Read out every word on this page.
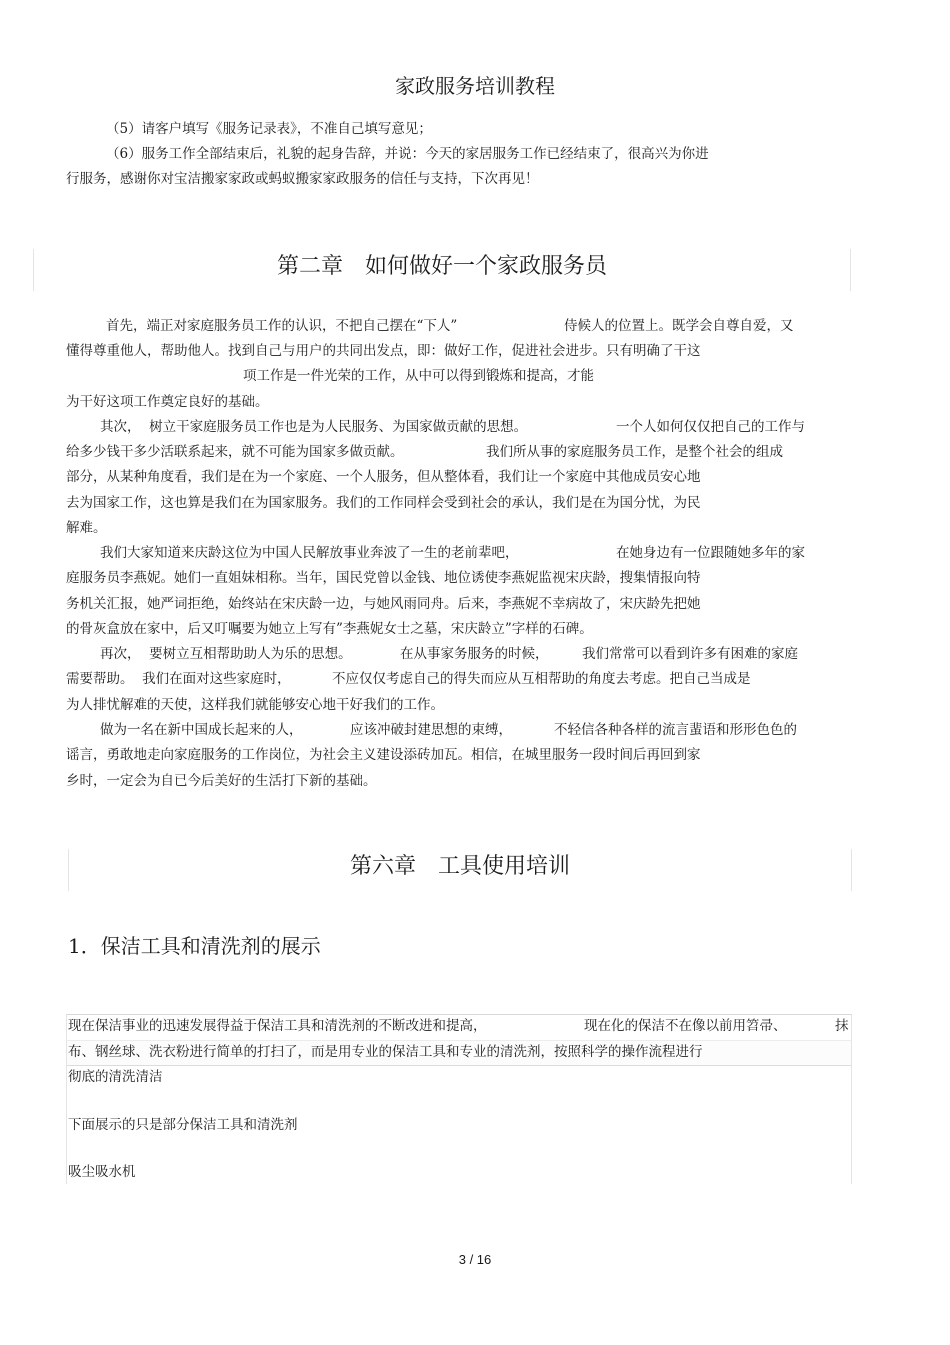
家政服务培训教程
（5）请客户填写《服务记录表》，不准自己填写意见；
（6）服务工作全部结束后，礼貌的起身告辞，并说：今天的家居服务工作已经结束了，很高兴为你进
行服务，感谢你对宝洁搬家家政或蚂蚁搬家家政服务的信任与支持，下次再见！
第二章　如何做好一个家政服务员
首先，端正对家庭服务员工作的认识，不把自己摆在“下人”	侍候人的位置上。既学会自尊自爱，又
懂得尊重他人，帮助他人。找到自己与用户的共同出发点，即：做好工作，促进社会进步。只有明确了干这
项工作是一件光荣的工作，从中可以得到锻炼和提高，才能
为干好这项工作奠定良好的基础。
其次，  树立干家庭服务员工作也是为人民服务、为国家做贡献的思想。	一个人如何仅仅把自己的工作与
给多少钱干多少活联系起来，就不可能为国家多做贡献。	我们所从事的家庭服务员工作，是整个社会的组成
部分，从某种角度看，我们是在为一个家庭、一个人服务，但从整体看，我们让一个家庭中其他成员安心地
去为国家工作，这也算是我们在为国家服务。我们的工作同样会受到社会的承认，我们是在为国分忧，为民
解难。
我们大家知道来庆龄这位为中国人民解放事业奔波了一生的老前辈吧，	在她身边有一位跟随她多年的家
庭服务员李燕妮。她们一直姐妹相称。当年，国民党曾以金钱、地位诱使李燕妮监视宋庆龄，搜集情报向特
务机关汇报，她严词拒绝，始终站在宋庆龄一边，与她风雨同舟。后来，李燕妮不幸病故了，宋庆龄先把她
的骨灰盒放在家中，后又叮嘱要为她立上写有”李燕妮女士之墓，宋庆龄立”字样的石碑。
再次，  要树立互相帮助助人为乐的思想。	在从事家务服务的时候， 我们常常可以看到许多有困难的家庭
需要帮助。  我们在面对这些家庭时，	不应仅仅考虑自己的得失而应从互相帮助的角度去考虑。把自己当成是
为人排忧解难的天使，这样我们就能够安心地干好我们的工作。
做为一名在新中国成长起来的人，	应该冲破封建思想的束缚，	不轻信各种各样的流言蜚语和形形色色的
谣言，勇敢地走向家庭服务的工作岗位，为社会主义建设添砖加瓦。相信，在城里服务一段时间后再回到家
乡时，一定会为自已今后美好的生活打下新的基础。
第六章　工具使用培训
1．保洁工具和清洗剂的展示
现在保洁事业的迅速发展得益于保洁工具和清洗剂的不断改进和提高，	现在化的保洁不在像以前用笤帚、	抹
布、钢丝球、洗衣粉进行简单的打扫了，而是用专业的保洁工具和专业的清洗剂，按照科学的操作流程进行
彻底的清洗清洁
下面展示的只是部分保洁工具和清洗剂
吸尘吸水机
3 / 16
